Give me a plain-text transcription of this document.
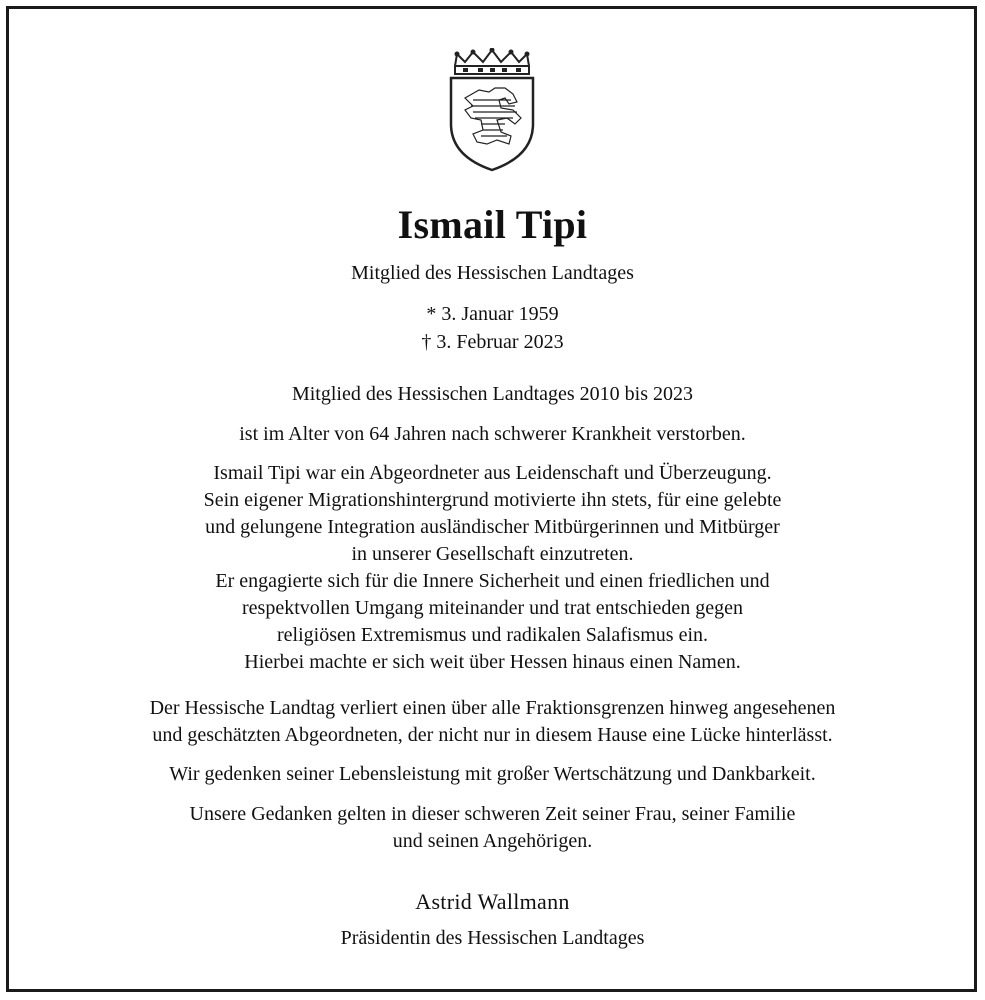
Ismail Tipi
Mitglied des Hessischen Landtages
* 3. Januar 1959
† 3. Februar 2023
Mitglied des Hessischen Landtages 2010 bis 2023
ist im Alter von 64 Jahren nach schwerer Krankheit verstorben.
Ismail Tipi war ein Abgeordneter aus Leidenschaft und Überzeugung.
Sein eigener Migrationshintergrund motivierte ihn stets, für eine gelebte
und gelungene Integration ausländischer Mitbürgerinnen und Mitbürger
in unserer Gesellschaft einzutreten.
Er engagierte sich für die Innere Sicherheit und einen friedlichen und
respektvollen Umgang miteinander und trat entschieden gegen
religiösen Extremismus und radikalen Salafismus ein.
Hierbei machte er sich weit über Hessen hinaus einen Namen.
Der Hessische Landtag verliert einen über alle Fraktionsgrenzen hinweg angesehenen
und geschätzten Abgeordneten, der nicht nur in diesem Hause eine Lücke hinterlässt.
Wir gedenken seiner Lebensleistung mit großer Wertschätzung und Dankbarkeit.
Unsere Gedanken gelten in dieser schweren Zeit seiner Frau, seiner Familie
und seinen Angehörigen.
Astrid Wallmann
Präsidentin des Hessischen Landtages
